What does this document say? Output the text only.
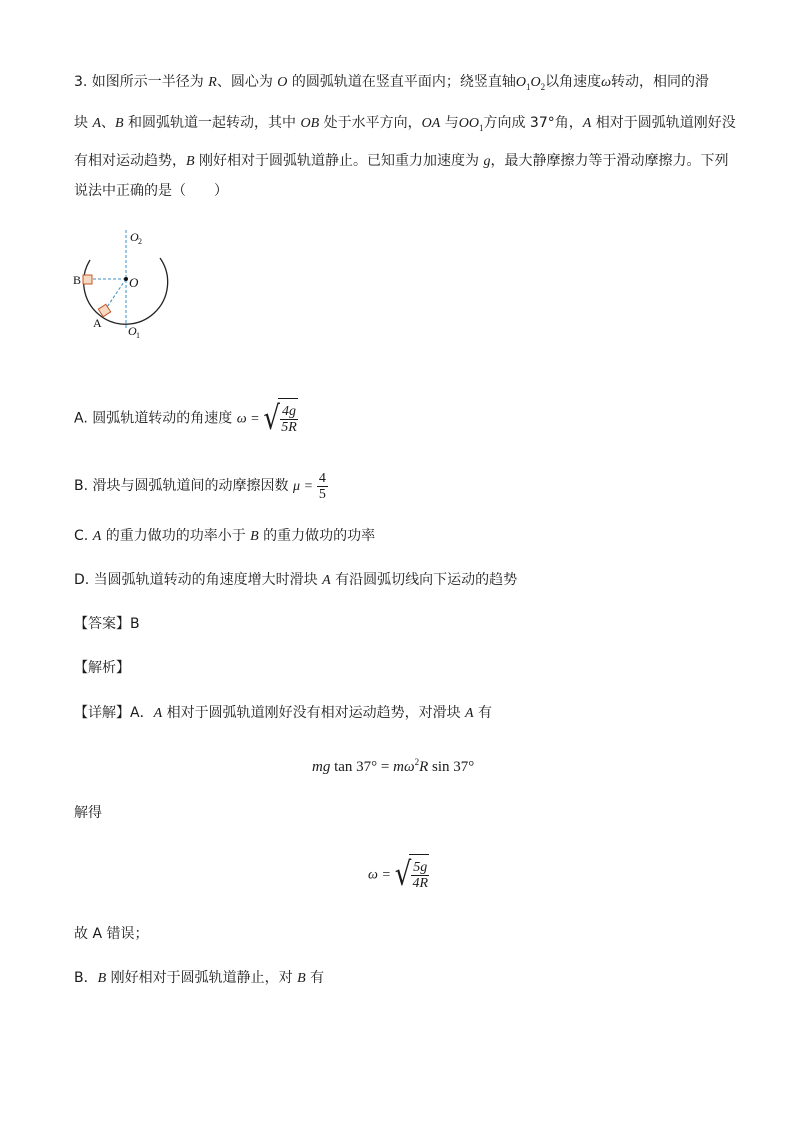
3. 如图所示一半径为 R、圆心为 O 的圆弧轨道在竖直平面内；绕竖直轴$O_1O_2$以角速度ω转动，相同的滑
块 A、B 和圆弧轨道一起转动，其中 OB 处于水平方向，OA 与$OO_1$方向成 37°角，A 相对于圆弧轨道刚好没
有相对运动趋势，B 刚好相对于圆弧轨道静止。已知重力加速度为 g，最大静摩擦力等于滑动摩擦力。下列
说法中正确的是（　　）
O 2
O
B
A
O 1
A. 圆弧轨道转动的角速度 ω = √ $\frac{4g}{5R}$
B. 滑块与圆弧轨道间的动摩擦因数 $\mu = \frac{4}{5}$
C. A 的重力做功的功率小于 B 的重力做功的功率
D. 当圆弧轨道转动的角速度增大时滑块 A 有沿圆弧切线向下运动的趋势
【答案】B
【解析】
【详解】A．A 相对于圆弧轨道刚好没有相对运动趋势，对滑块 A 有
mg $\tan 37^\circ = m\omega^2R$ sin 37°
解得
ω = √ $\frac{5g}{4R}$
故 A 错误；
B．B 刚好相对于圆弧轨道静止，对 B 有
